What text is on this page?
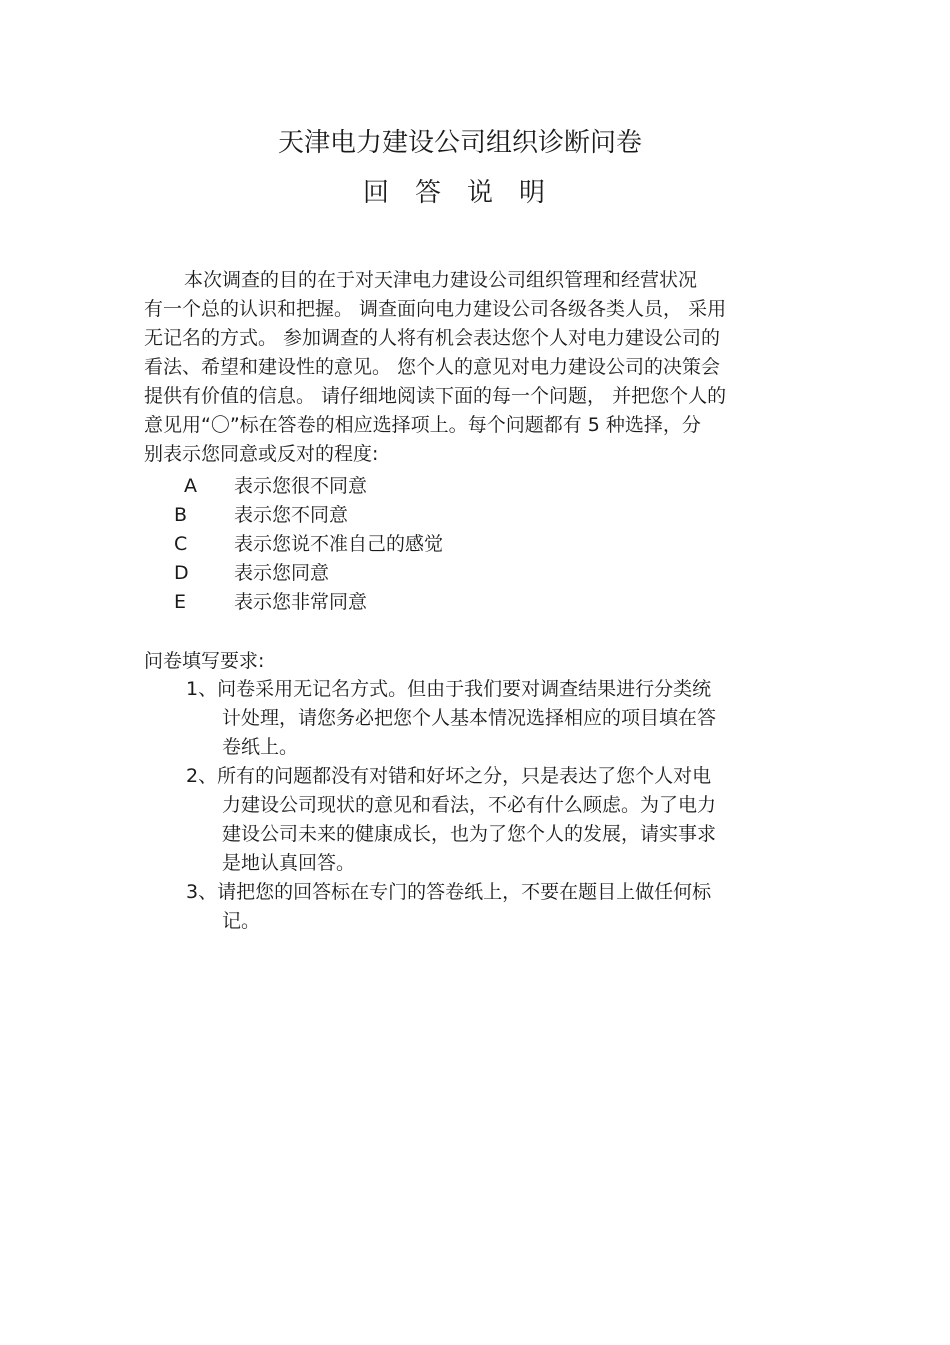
天津电力建设公司组织诊断问卷
回答说明
本次调查的目的在于对天津电力建设公司组织管理和经营状况
有一个总的认识和把握。 调查面向电力建设公司各级各类人员， 采用
无记名的方式。 参加调查的人将有机会表达您个人对电力建设公司的
看法、希望和建设性的意见。 您个人的意见对电力建设公司的决策会
提供有价值的信息。 请仔细地阅读下面的每一个问题， 并把您个人的
意见用“〇”标在答卷的相应选择项上。每个问题都有 5 种选择，分
别表示您同意或反对的程度:
A 表示您很不同意
B 表示您不同意
C 表示您说不准自己的感觉
D 表示您同意
E	表示您非常同意
问卷填写要求:
1、问卷采用无记名方式。但由于我们要对调查结果进行分类统
计处理，请您务必把您个人基本情况选择相应的项目填在答
卷纸上。
2、所有的问题都没有对错和好坏之分，只是表达了您个人对电
力建设公司现状的意见和看法，不必有什么顾虑。为了电力
建设公司未来的健康成长，也为了您个人的发展，请实事求
是地认真回答。
3、请把您的回答标在专门的答卷纸上，不要在题目上做任何标
记。
